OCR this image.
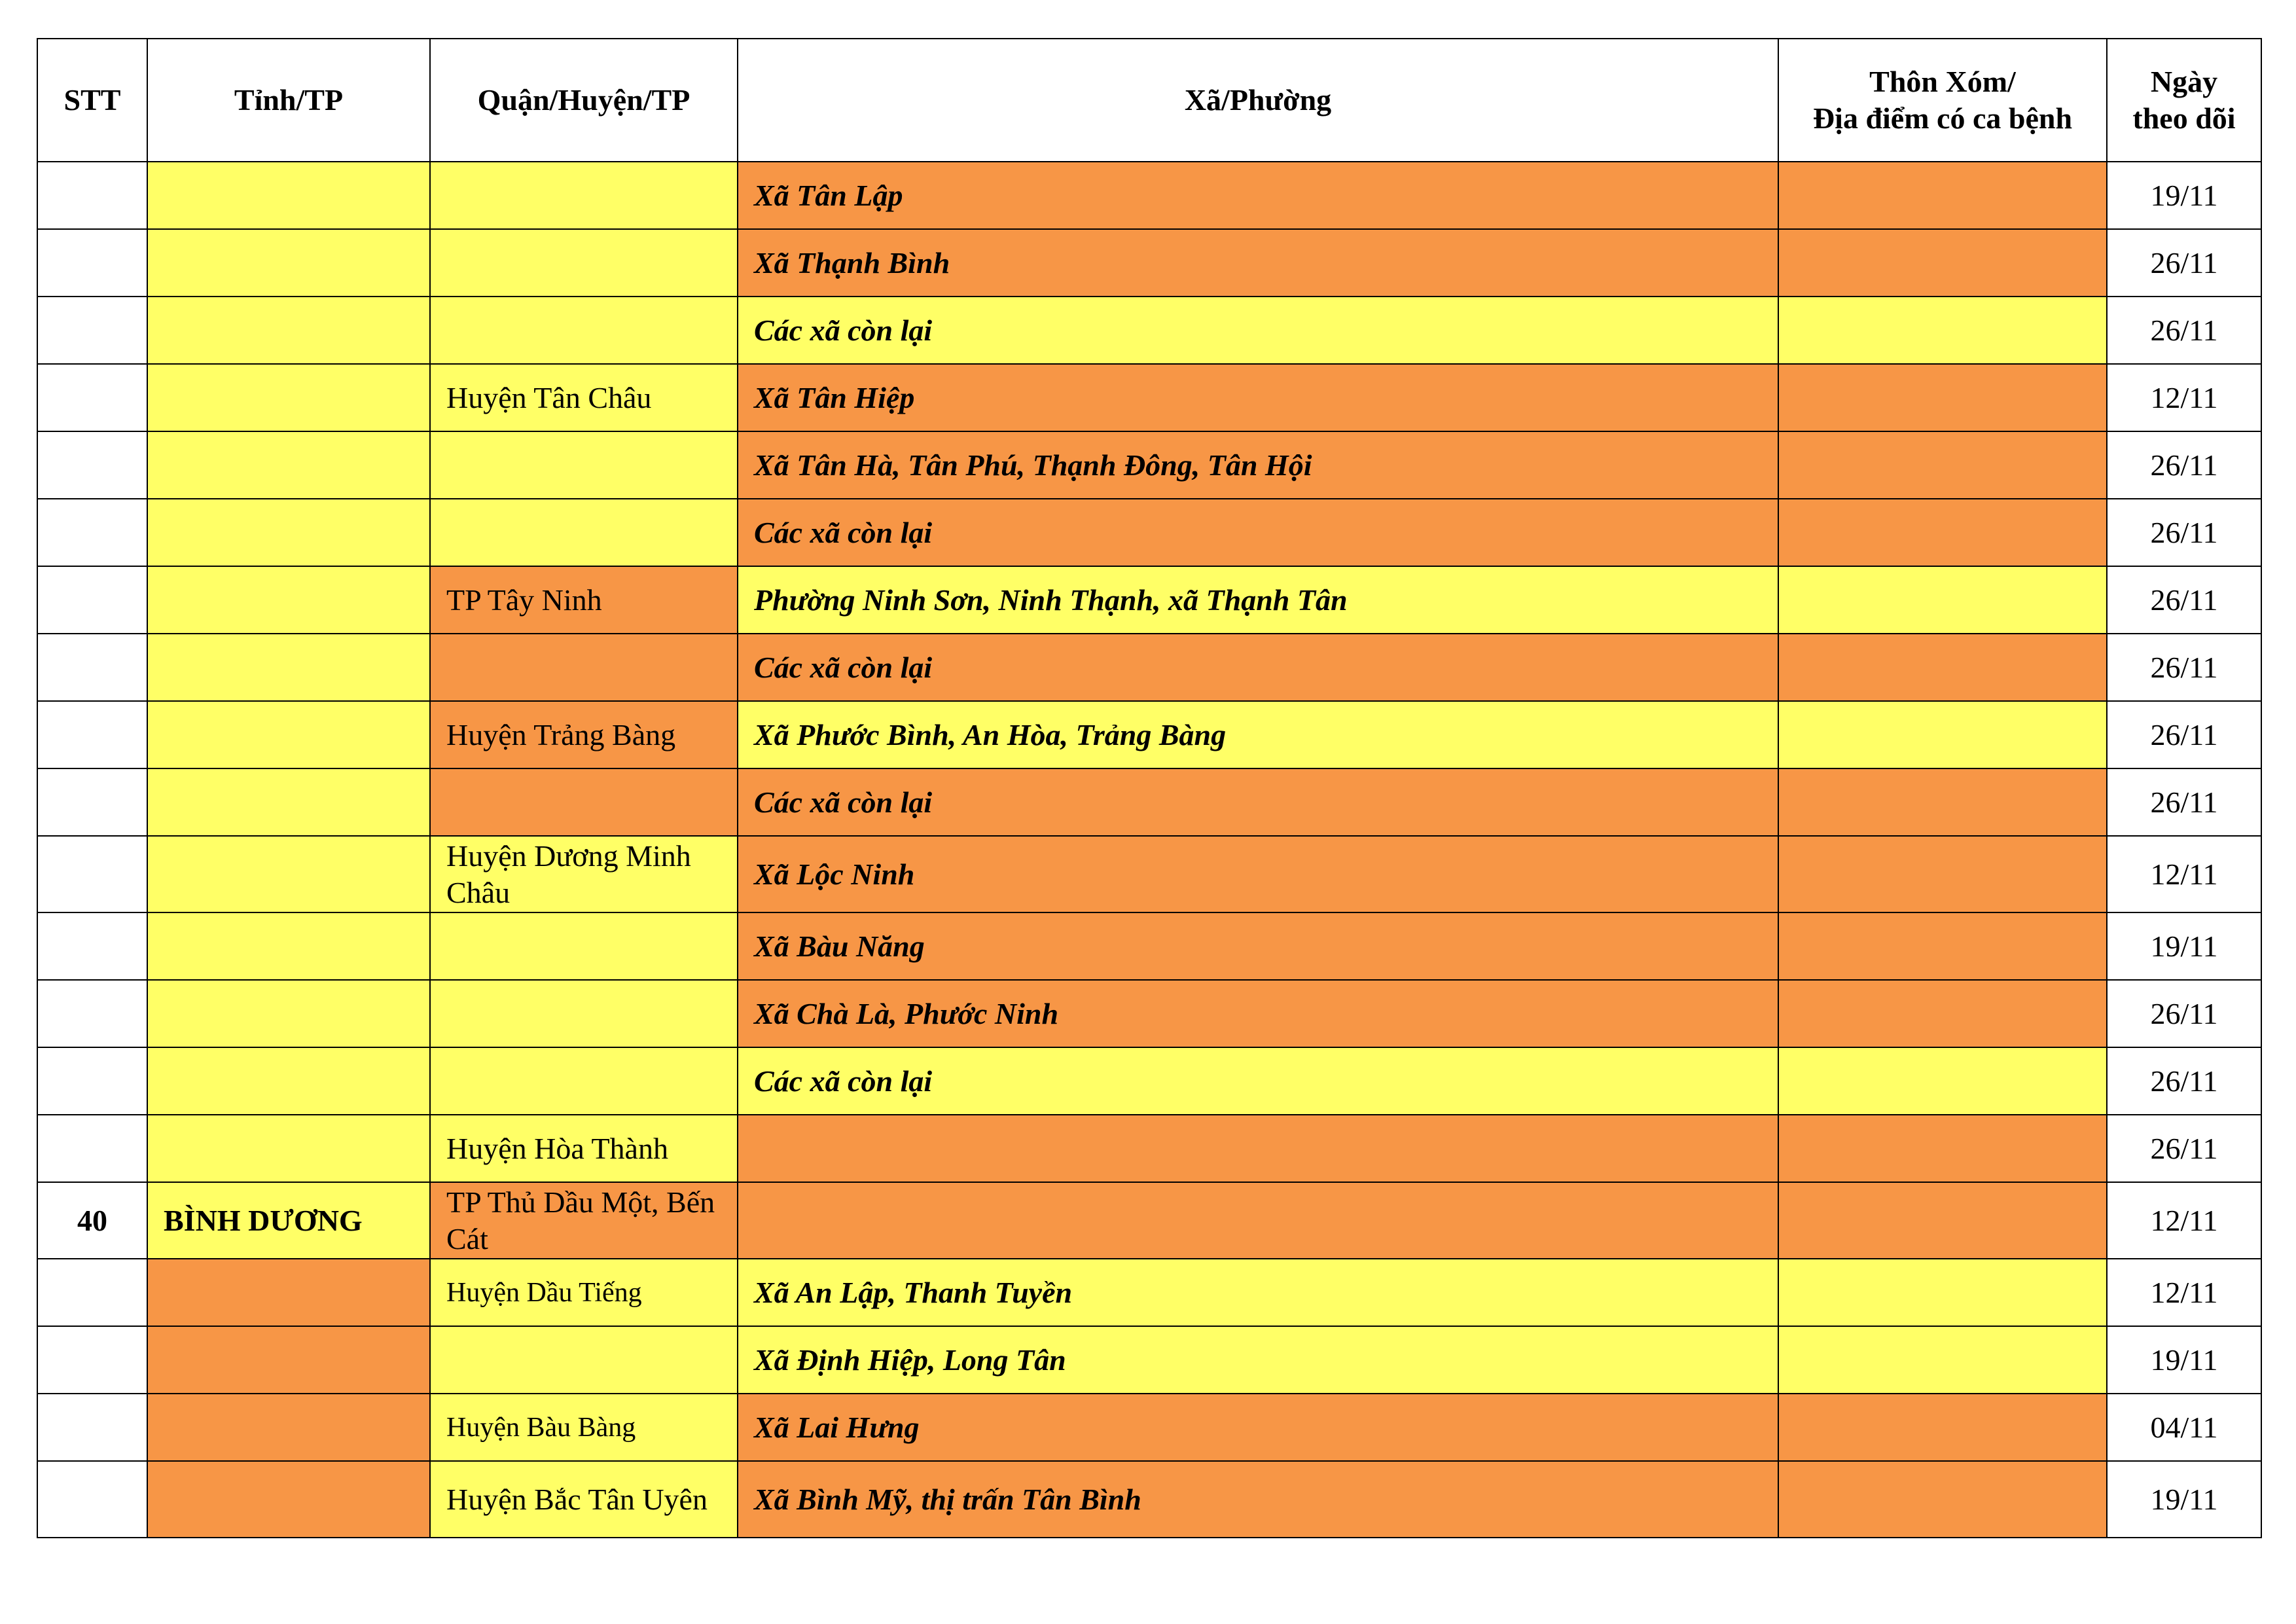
STT	Tỉnh/TP	Quận/Huyện/TP	Xã/Phường	Thôn Xóm/
Địa điểm có ca bệnh	Ngày
theo dõi
			Xã Tân Lập		19/11
			Xã Thạnh Bình		26/11
			Các xã còn lại		26/11
		Huyện Tân Châu	Xã Tân Hiệp		12/11
			Xã Tân Hà, Tân Phú, Thạnh Đông, Tân Hội		26/11
			Các xã còn lại		26/11
		TP Tây Ninh	Phường Ninh Sơn, Ninh Thạnh, xã Thạnh Tân		26/11
			Các xã còn lại		26/11
		Huyện Trảng Bàng	Xã Phước Bình, An Hòa, Trảng Bàng		26/11
			Các xã còn lại		26/11
		Huyện Dương Minh Châu	Xã Lộc Ninh		12/11
			Xã Bàu Năng		19/11
			Xã Chà Là, Phước Ninh		26/11
			Các xã còn lại		26/11
		Huyện Hòa Thành			26/11
40	BÌNH DƯƠNG	TP Thủ Dầu Một, Bến Cát			12/11
		Huyện Dầu Tiếng	Xã An Lập, Thanh Tuyền		12/11
			Xã Định Hiệp, Long Tân		19/11
		Huyện Bàu Bàng	Xã Lai Hưng		04/11
		Huyện Bắc Tân Uyên	Xã Bình Mỹ, thị trấn Tân Bình		19/11
